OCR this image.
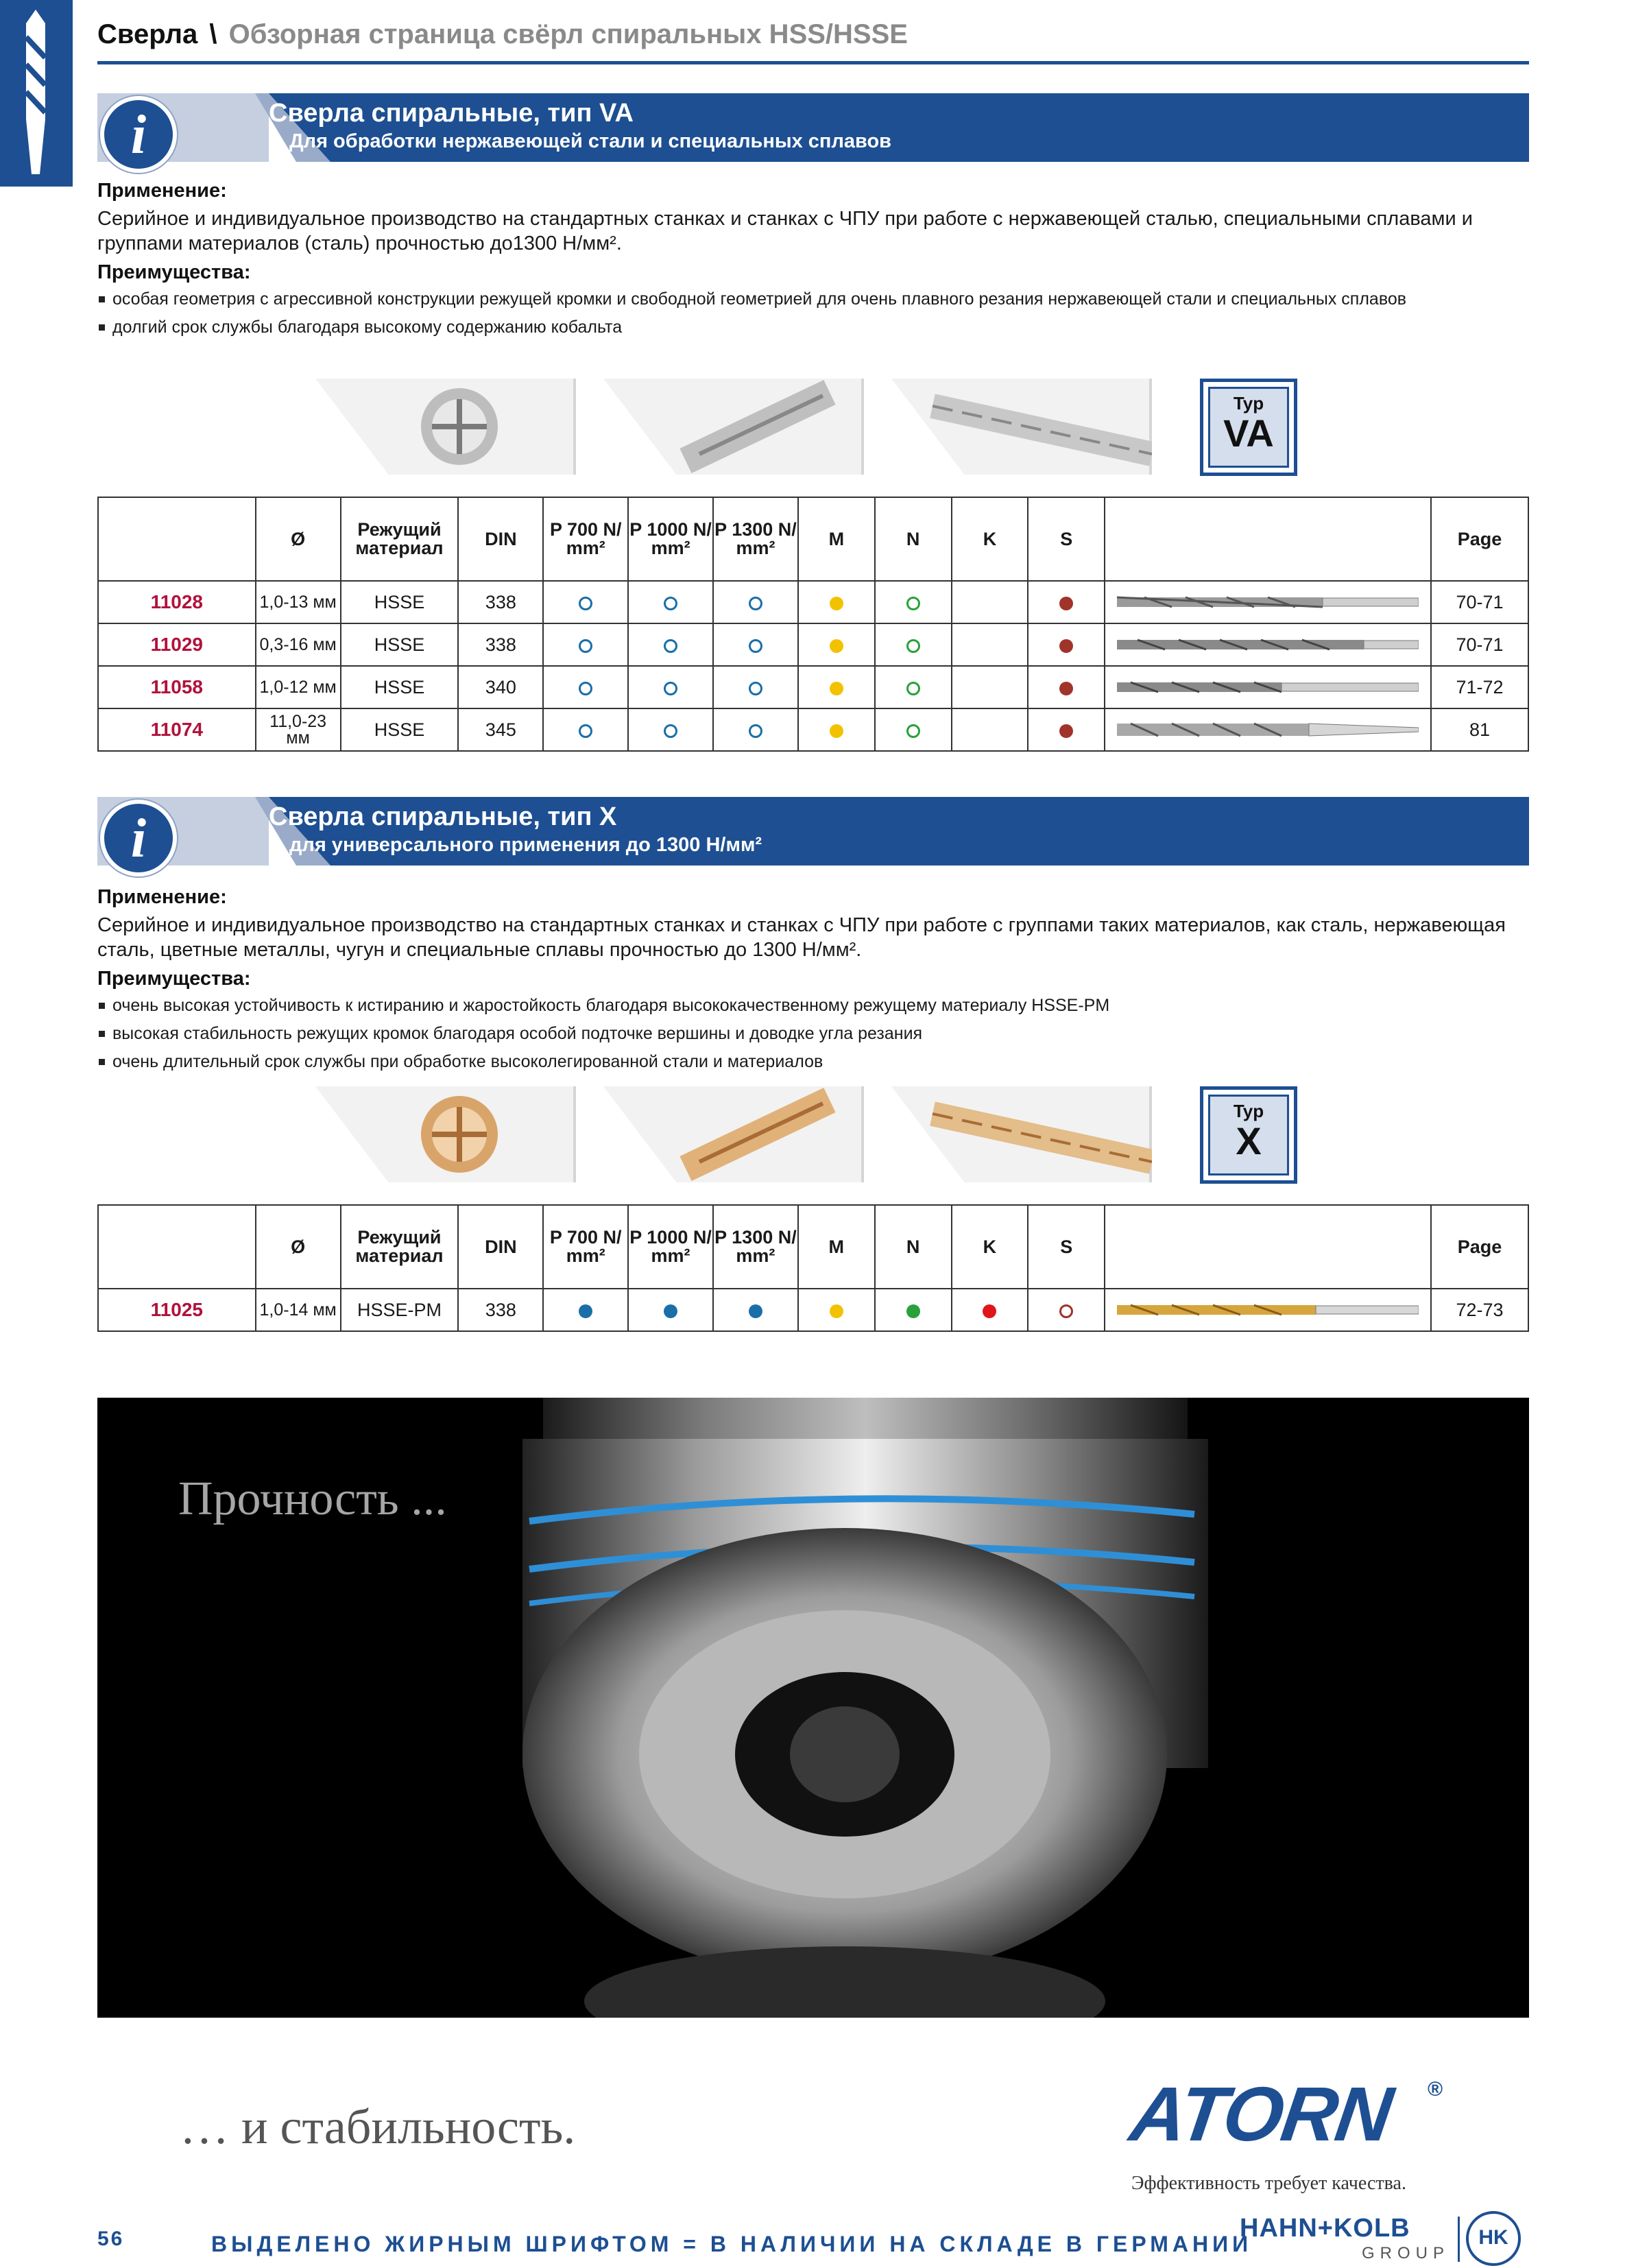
Сверла \ Обзорная страница свёрл спиральных HSS/HSSE
i	Сверла спиральные, тип VA
Для обработки нержавеющей стали и специальных сплавов
Применение:

Серийное и индивидуальное производство на стандартных станках и станках с ЧПУ при работе с нержавеющей сталью, специальными сплавами и группами материалов (сталь) прочностью до1300 Н/мм².

Преимущества:
особая геометрия с агрессивной конструкции режущей кромки и свободной геометрией для очень плавного резания нержавеющей стали и специальных сплавов
долгий срок службы благодаря высокому содержанию кобальта
Typ
VA
	Ø	Режущий материал	DIN	P 700 N/ mm²	P 1000 N/ mm²	P 1300 N/ mm²	M	N	K	S		Page
11028	1,0-13 мм	HSSE	338									70-71
11029	0,3-16 мм	HSSE	338									70-71
11058	1,0-12 мм	HSSE	340									71-72
11074	11,0-23 мм	HSSE	345									81
i	Сверла спиральные, тип X
для универсального применения до 1300 Н/мм²
Применение:

Серийное и индивидуальное производство на стандартных станках и станках с ЧПУ при работе с группами таких материалов, как сталь, нержавеющая сталь, цветные металлы, чугун и специальные сплавы прочностью до 1300 Н/мм².

Преимущества:
очень высокая устойчивость к истиранию и жаростойкость благодаря высококачественному режущему материалу HSSE-PM
высокая стабильность режущих кромок благодаря особой подточке вершины и доводке угла резания
очень длительный срок службы при обработке высоколегированной стали и материалов
Typ
X
	Ø	Режущий материал	DIN	P 700 N/ mm²	P 1000 N/ mm²	P 1300 N/ mm²	M	N	K	S		Page
11025	1,0-14 мм	HSSE-PM	338									72-73
Прочность ...
… и стабильность.	ATORN ®
Эффективность требует качества.
56	ВЫДЕЛЕНО ЖИРНЫМ ШРИФТОМ = В НАЛИЧИИ НА СКЛАДЕ В ГЕРМАНИИ
HAHN+KOLB
GROUP
HK
